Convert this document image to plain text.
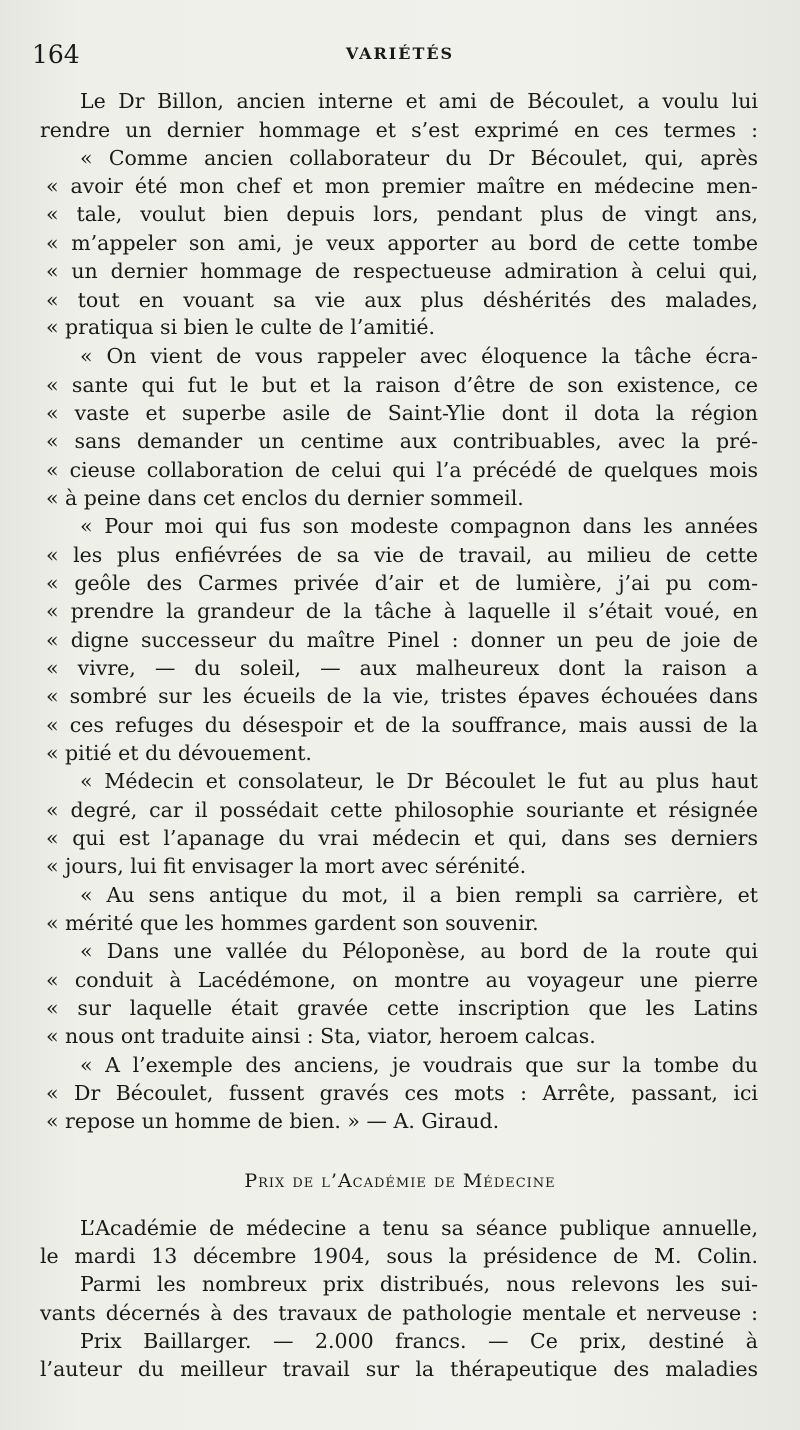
164	VARIÉTÉS
Le Dr Billon, ancien interne et ami de Bécoulet, a voulu lui
rendre un dernier hommage et s’est exprimé en ces termes :
« Comme ancien collaborateur du Dr Bécoulet, qui, après
« avoir été mon chef et mon premier maître en médecine men-
« tale, voulut bien depuis lors, pendant plus de vingt ans,
« m’appeler son ami, je veux apporter au bord de cette tombe
« un dernier hommage de respectueuse admiration à celui qui,
« tout en vouant sa vie aux plus déshérités des malades,
« pratiqua si bien le culte de l’amitié.
« On vient de vous rappeler avec éloquence la tâche écra-
« sante qui fut le but et la raison d’être de son existence, ce
« vaste et superbe asile de Saint-Ylie dont il dota la région
« sans demander un centime aux contribuables, avec la pré-
« cieuse collaboration de celui qui l’a précédé de quelques mois
« à peine dans cet enclos du dernier sommeil.
« Pour moi qui fus son modeste compagnon dans les années
« les plus enfiévrées de sa vie de travail, au milieu de cette
« geôle des Carmes privée d’air et de lumière, j’ai pu com-
« prendre la grandeur de la tâche à laquelle il s’était voué, en
« digne successeur du maître Pinel : donner un peu de joie de
« vivre, — du soleil, — aux malheureux dont la raison a
« sombré sur les écueils de la vie, tristes épaves échouées dans
« ces refuges du désespoir et de la souffrance, mais aussi de la
« pitié et du dévouement.
« Médecin et consolateur, le Dr Bécoulet le fut au plus haut
« degré, car il possédait cette philosophie souriante et résignée
« qui est l’apanage du vrai médecin et qui, dans ses derniers
« jours, lui fit envisager la mort avec sérénité.
« Au sens antique du mot, il a bien rempli sa carrière, et
« mérité que les hommes gardent son souvenir.
« Dans une vallée du Péloponèse, au bord de la route qui
« conduit à Lacédémone, on montre au voyageur une pierre
« sur laquelle était gravée cette inscription que les Latins
« nous ont traduite ainsi : Sta, viator, heroem calcas.
« A l’exemple des anciens, je voudrais que sur la tombe du
« Dr Bécoulet, fussent gravés ces mots : Arrête, passant, ici
« repose un homme de bien. » — A. Giraud.
Prix de l’Académie de Médecine
L’Académie de médecine a tenu sa séance publique annuelle,
le mardi 13 décembre 1904, sous la présidence de M. Colin.
Parmi les nombreux prix distribués, nous relevons les sui-
vants décernés à des travaux de pathologie mentale et nerveuse :
Prix Baillarger. — 2.000 francs. — Ce prix, destiné à
l’auteur du meilleur travail sur la thérapeutique des maladies
